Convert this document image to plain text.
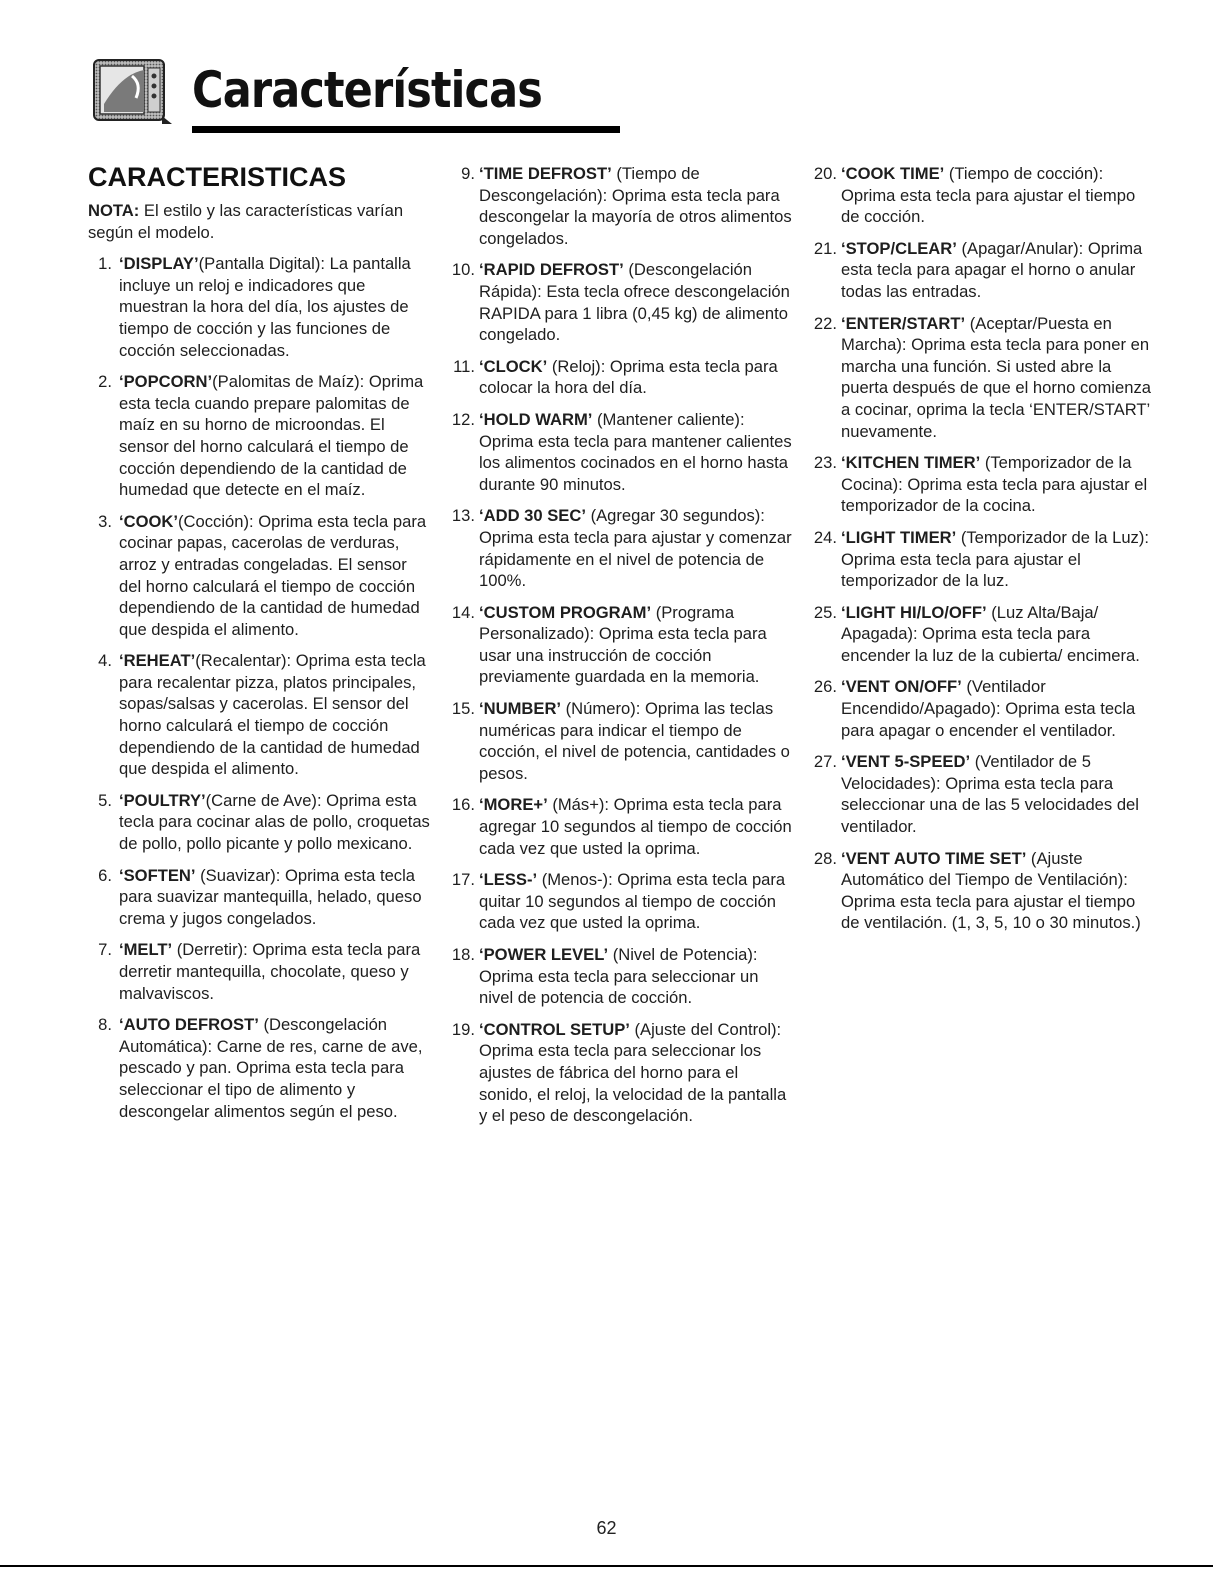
Características
CARACTERISTICAS
NOTA: El estilo y las características varían según el modelo.
1. ‘DISPLAY’(Pantalla Digital): La pantalla incluye un reloj e indicadores que muestran la hora del día, los ajustes de tiempo de cocción y las funciones de cocción seleccionadas.
2. ‘POPCORN’(Palomitas de Maíz): Oprima esta tecla cuando prepare palomitas de maíz en su horno de microondas. El sensor del horno calculará el tiempo de cocción dependiendo de la cantidad de humedad que detecte en el maíz.
3. ‘COOK’(Cocción): Oprima esta tecla para cocinar papas, cacerolas de verduras, arroz y entradas congeladas. El sensor del horno calculará el tiempo de cocción dependiendo de la cantidad de humedad que despida el alimento.
4. ‘REHEAT’(Recalentar): Oprima esta tecla para recalentar pizza, platos principales, sopas/salsas y cacerolas. El sensor del horno calculará el tiempo de cocción dependiendo de la cantidad de humedad que despida el alimento.
5. ‘POULTRY’(Carne de Ave): Oprima esta tecla para cocinar alas de pollo, croquetas de pollo, pollo picante y pollo mexicano.
6. ‘SOFTEN’ (Suavizar): Oprima esta tecla para suavizar mantequilla, helado, queso crema y jugos congelados.
7. ‘MELT’ (Derretir): Oprima esta tecla para derretir mantequilla, chocolate, queso y malvaviscos.
8. ‘AUTO DEFROST’ (Descongelación Automática): Carne de res, carne de ave, pescado y pan. Oprima esta tecla para seleccionar el tipo de alimento y descongelar alimentos según el peso.
9. ‘TIME DEFROST’ (Tiempo de Descongelación): Oprima esta tecla para descongelar la mayoría de otros alimentos congelados.
10. ‘RAPID DEFROST’ (Descongelación Rápida): Esta tecla ofrece descongelación RAPIDA para 1 libra (0,45 kg) de alimento congelado.
11. ‘CLOCK’ (Reloj): Oprima esta tecla para colocar la hora del día.
12. ‘HOLD WARM’ (Mantener caliente): Oprima esta tecla para mantener calientes los alimentos cocinados en el horno hasta durante 90 minutos.
13. ‘ADD 30 SEC’ (Agregar 30 segundos): Oprima esta tecla para ajustar y comenzar rápidamente en el nivel de potencia de 100%.
14. ‘CUSTOM PROGRAM’ (Programa Personalizado): Oprima esta tecla para usar una instrucción de cocción previamente guardada en la memoria.
15. ‘NUMBER’ (Número): Oprima las teclas numéricas para indicar el tiempo de cocción, el nivel de potencia, cantidades o pesos.
16. ‘MORE+’ (Más+): Oprima esta tecla para agregar 10 segundos al tiempo de cocción cada vez que usted la oprima.
17. ‘LESS-’ (Menos-): Oprima esta tecla para quitar 10 segundos al tiempo de cocción cada vez que usted la oprima.
18. ‘POWER LEVEL’ (Nivel de Potencia): Oprima esta tecla para seleccionar un nivel de potencia de cocción.
19. ‘CONTROL SETUP’ (Ajuste del Control): Oprima esta tecla para seleccionar los ajustes de fábrica del horno para el sonido, el reloj, la velocidad de la pantalla y el peso de descongelación.
20. ‘COOK TIME’ (Tiempo de cocción): Oprima esta tecla para ajustar el tiempo de cocción.
21. ‘STOP/CLEAR’ (Apagar/Anular): Oprima esta tecla para apagar el horno o anular todas las entradas.
22. ‘ENTER/START’ (Aceptar/Puesta en Marcha): Oprima esta tecla para poner en marcha una función. Si usted abre la puerta después de que el horno comienza a cocinar, oprima la tecla ‘ENTER/START’ nuevamente.
23. ‘KITCHEN TIMER’ (Temporizador de la Cocina): Oprima esta tecla para ajustar el temporizador de la cocina.
24. ‘LIGHT TIMER’ (Temporizador de la Luz): Oprima esta tecla para ajustar el temporizador de la luz.
25. ‘LIGHT HI/LO/OFF’ (Luz Alta/Baja/ Apagada): Oprima esta tecla para encender la luz de la cubierta/ encimera.
26. ‘VENT ON/OFF’ (Ventilador Encendido/Apagado): Oprima esta tecla para apagar o encender el ventilador.
27. ‘VENT 5-SPEED’ (Ventilador de 5 Velocidades): Oprima esta tecla para seleccionar una de las 5 velocidades del ventilador.
28. ‘VENT AUTO TIME SET’ (Ajuste Automático del Tiempo de Ventilación): Oprima esta tecla para ajustar el tiempo de ventilación. (1, 3, 5, 10 o 30 minutos.)
62
